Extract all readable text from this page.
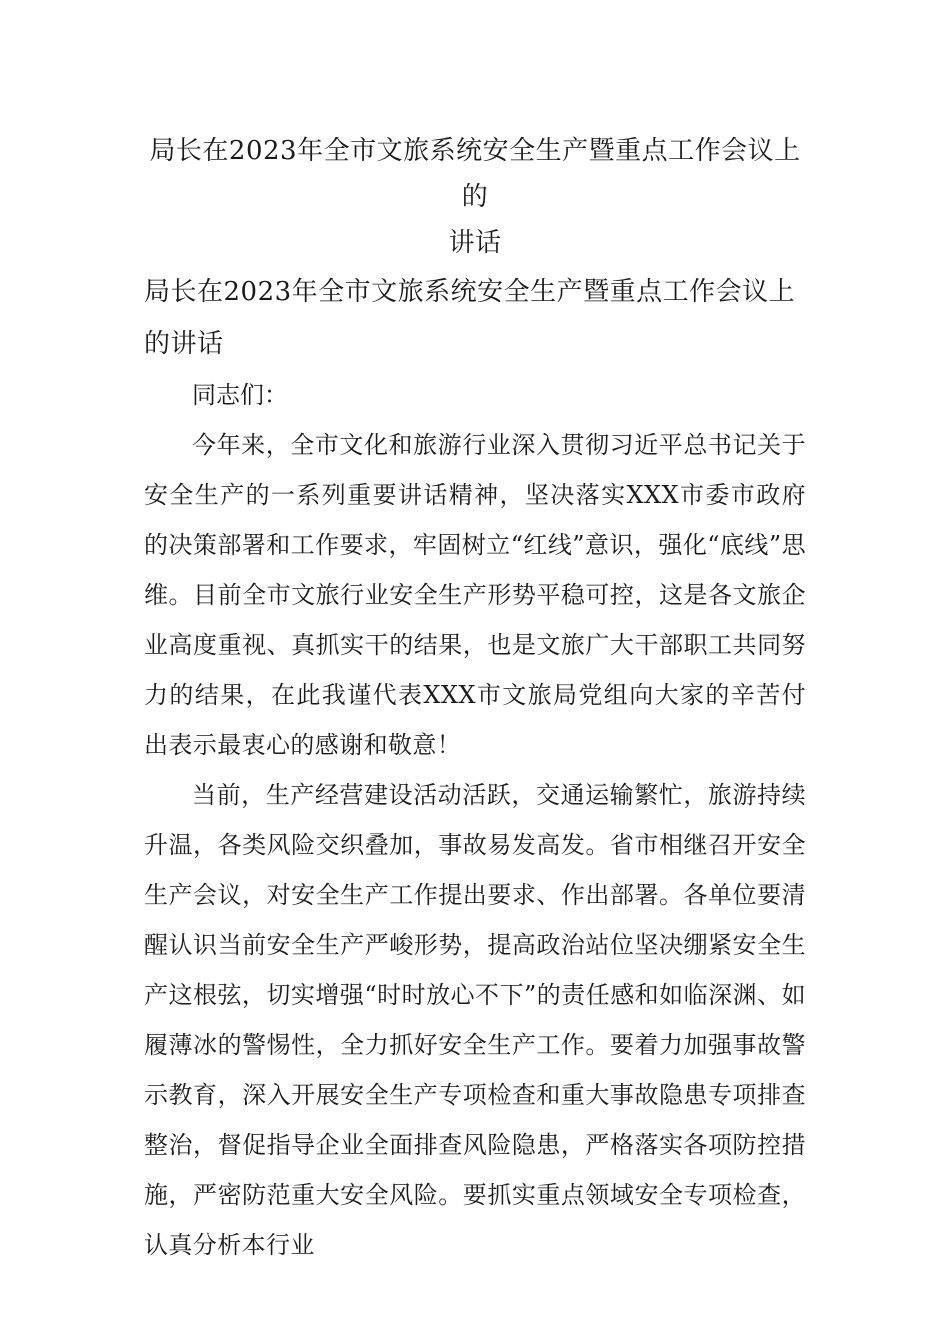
局长在2023年全市文旅系统安全生产暨重点工作会议上的
讲话

局长在2023年全市文旅系统安全生产暨重点工作会议上的讲话

同志们：

今年来，全市文化和旅游行业深入贯彻习近平总书记关于安全生产的一系列重要讲话精神，坚决落实XXX市委市政府的决策部署和工作要求，牢固树立“红线”意识，强化“底线”思维。目前全市文旅行业安全生产形势平稳可控，这是各文旅企业高度重视、真抓实干的结果，也是文旅广大干部职工共同努力的结果，在此我谨代表XXX市文旅局党组向大家的辛苦付出表示最衷心的感谢和敬意！

当前，生产经营建设活动活跃，交通运输繁忙，旅游持续升温，各类风险交织叠加，事故易发高发。省市相继召开安全生产会议，对安全生产工作提出要求、作出部署。各单位要清醒认识当前安全生产严峻形势，提高政治站位坚决绷紧安全生产这根弦，切实增强“时时放心不下”的责任感和如临深渊、如履薄冰的警惕性，全力抓好安全生产工作。要着力加强事故警示教育，深入开展安全生产专项检查和重大事故隐患专项排查整治，督促指导企业全面排查风险隐患，严格落实各项防控措施，严密防范重大安全风险。要抓实重点领域安全专项检查，认真分析本行业
